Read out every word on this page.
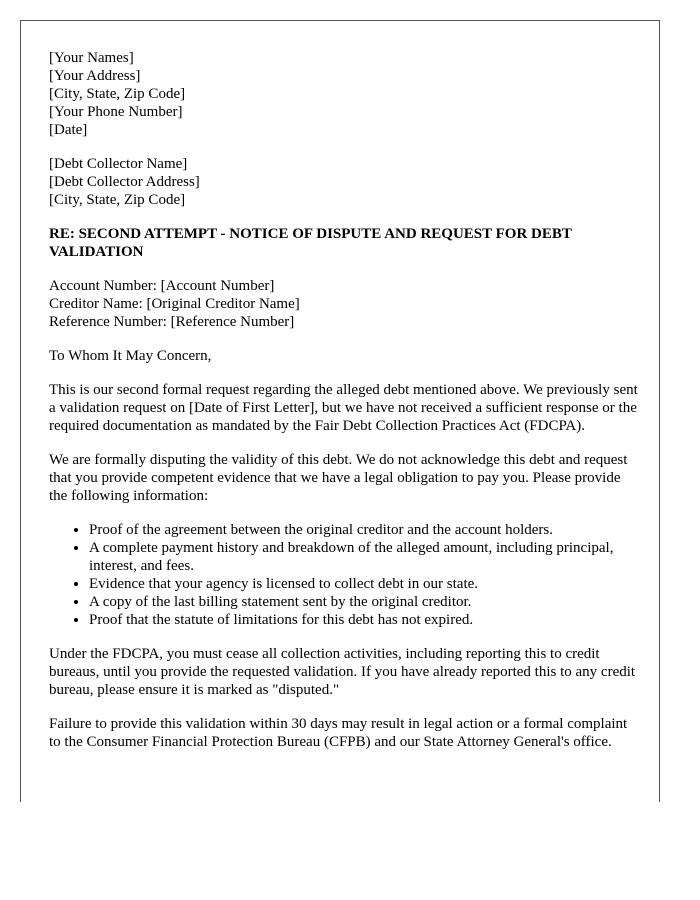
[Your Names]
[Your Address]
[City, State, Zip Code]
[Your Phone Number]
[Date]
[Debt Collector Name]
[Debt Collector Address]
[City, State, Zip Code]
RE: SECOND ATTEMPT - NOTICE OF DISPUTE AND REQUEST FOR DEBT VALIDATION
Account Number: [Account Number]
Creditor Name: [Original Creditor Name]
Reference Number: [Reference Number]

To Whom It May Concern,

This is our second formal request regarding the alleged debt mentioned above. We previously sent a validation request on [Date of First Letter], but we have not received a sufficient response or the required documentation as mandated by the Fair Debt Collection Practices Act (FDCPA).

We are formally disputing the validity of this debt. We do not acknowledge this debt and request that you provide competent evidence that we have a legal obligation to pay you. Please provide the following information:

• Proof of the agreement between the original creditor and the account holders.
• A complete payment history and breakdown of the alleged amount, including principal, interest, and fees.
• Evidence that your agency is licensed to collect debt in our state.
• A copy of the last billing statement sent by the original creditor.
• Proof that the statute of limitations for this debt has not expired.

Under the FDCPA, you must cease all collection activities, including reporting this to credit bureaus, until you provide the requested validation. If you have already reported this to any credit bureau, please ensure it is marked as "disputed."

Failure to provide this validation within 30 days may result in legal action or a formal complaint to the Consumer Financial Protection Bureau (CFPB) and our State Attorney General's office.
